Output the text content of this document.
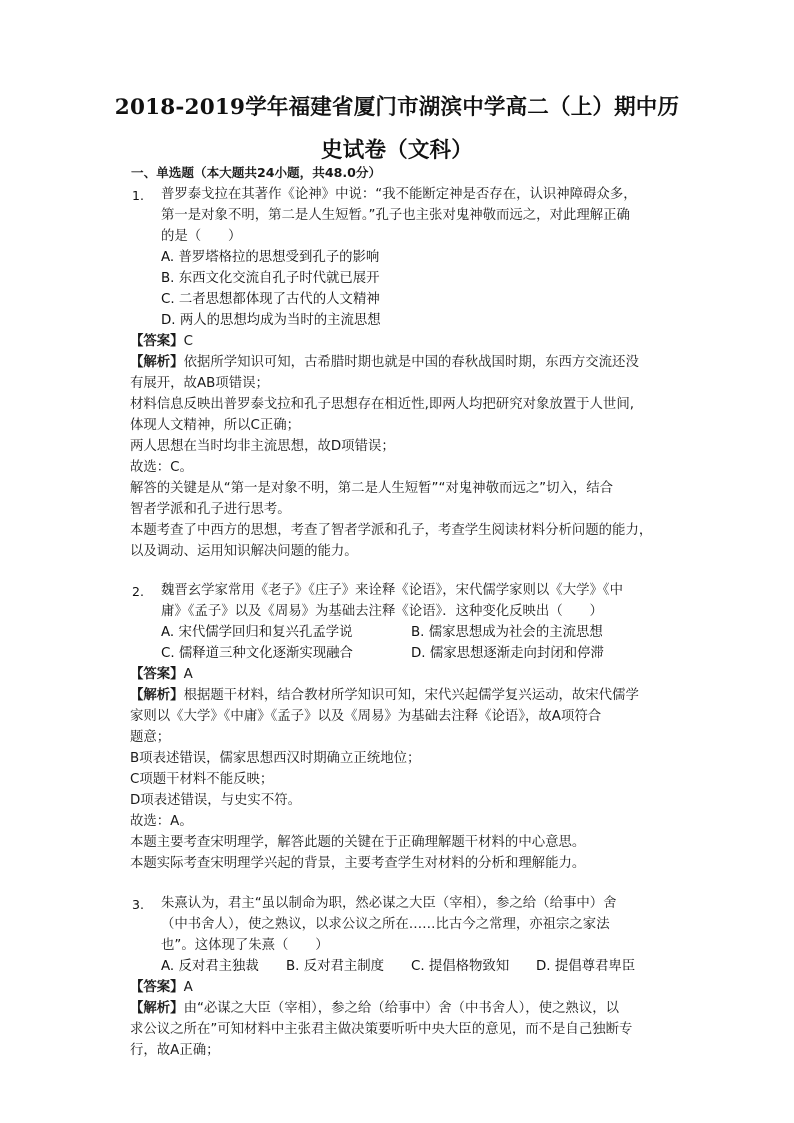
2018-2019学年福建省厦门市湖滨中学高二（上）期中历
史试卷（文科）
一、单选题（本大题共24小题，共48.0分）
1. 普罗泰戈拉在其著作《论神》中说：“我不能断定神是否存在，认识神障碍众多，
第一是对象不明，第二是人生短暂。”孔子也主张对鬼神敬而远之，对此理解正确
的是（　　）
A. 普罗塔格拉的思想受到孔子的影响
B. 东西文化交流自孔子时代就已展开
C. 二者思想都体现了古代的人文精神
D. 两人的思想均成为当时的主流思想
【答案】C
【解析】依据所学知识可知，古希腊时期也就是中国的春秋战国时期，东西方交流还没
有展开，故AB项错误；
材料信息反映出普罗泰戈拉和孔子思想存在相近性,即两人均把研究对象放置于人世间,
体现人文精神，所以C正确；
两人思想在当时均非主流思想，故D项错误；
故选：C。
解答的关键是从“第一是对象不明，第二是人生短暂”“对鬼神敬而远之”切入，结合
智者学派和孔子进行思考。
本题考查了中西方的思想，考查了智者学派和孔子，考查学生阅读材料分析问题的能力，
以及调动、运用知识解决问题的能力。
2. 魏晋玄学家常用《老子》《庄子》来诠释《论语》，宋代儒学家则以《大学》《中
庸》《孟子》以及《周易》为基础去注释《论语》．这种变化反映出（　　）
A. 宋代儒学回归和复兴孔孟学说	B. 儒家思想成为社会的主流思想
C. 儒释道三种文化逐渐实现融合	D. 儒家思想逐渐走向封闭和停滞
【答案】A
【解析】根据题干材料，结合教材所学知识可知，宋代兴起儒学复兴运动，故宋代儒学
家则以《大学》《中庸》《孟子》以及《周易》为基础去注释《论语》，故A项符合
题意；
B项表述错误，儒家思想西汉时期确立正统地位；
C项题干材料不能反映；
D项表述错误，与史实不符。
故选：A。
本题主要考查宋明理学，解答此题的关键在于正确理解题干材料的中心意思。
本题实际考查宋明理学兴起的背景，主要考查学生对材料的分析和理解能力。
3. 朱熹认为，君主“虽以制命为职，然必谋之大臣（宰相），参之给（给事中）舍
（中书舍人），使之熟议，以求公议之所在……比古今之常理，亦祖宗之家法
也”。这体现了朱熹（　　）
A. 反对君主独裁 B. 反对君主制度 C. 提倡格物致知 D. 提倡尊君卑臣
【答案】A
【解析】由“必谋之大臣（宰相），参之给（给事中）舍（中书舍人），使之熟议，以
求公议之所在”可知材料中主张君主做决策要听听中央大臣的意见，而不是自己独断专
行，故A正确；
